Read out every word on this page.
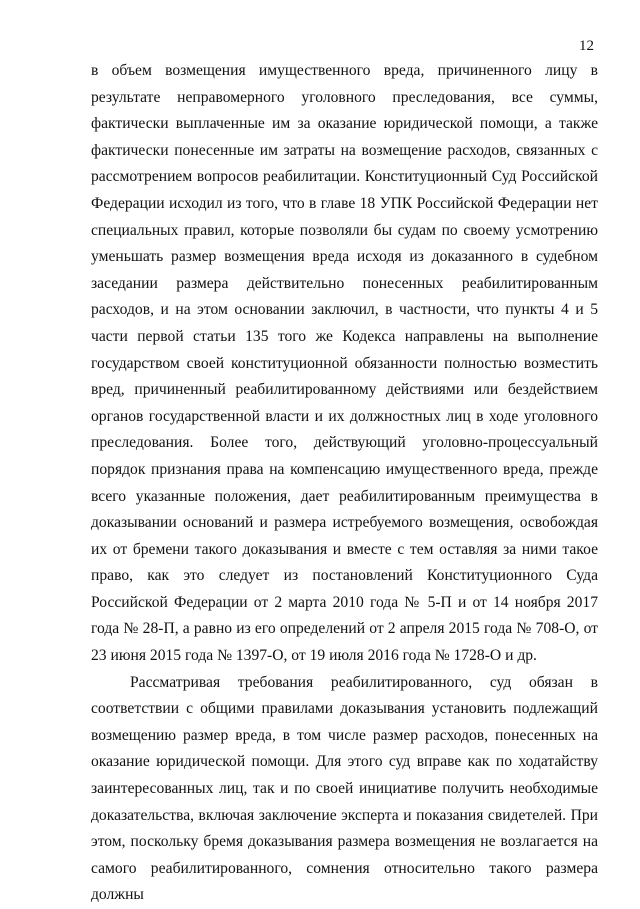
12

в объем возмещения имущественного вреда, причиненного лицу в результате неправомерного уголовного преследования, все суммы, фактически выплаченные им за оказание юридической помощи, а также фактически понесенные им затраты на возмещение расходов, связанных с рассмотрением вопросов реабилитации. Конституционный Суд Российской Федерации исходил из того, что в главе 18 УПК Российской Федерации нет специальных правил, которые позволяли бы судам по своему усмотрению уменьшать размер возмещения вреда исходя из доказанного в судебном заседании размера действительно понесенных реабилитированным расходов, и на этом основании заключил, в частности, что пункты 4 и 5 части первой статьи 135 того же Кодекса направлены на выполнение государством своей конституционной обязанности полностью возместить вред, причиненный реабилитированному действиями или бездействием органов государственной власти и их должностных лиц в ходе уголовного преследования. Более того, действующий уголовно-процессуальный порядок признания права на компенсацию имущественного вреда, прежде всего указанные положения, дает реабилитированным преимущества в доказывании оснований и размера истребуемого возмещения, освобождая их от бремени такого доказывания и вместе с тем оставляя за ними такое право, как это следует из постановлений Конституционного Суда Российской Федерации от 2 марта 2010 года № 5-П и от 14 ноября 2017 года № 28-П, а равно из его определений от 2 апреля 2015 года № 708-О, от 23 июня 2015 года № 1397-О, от 19 июля 2016 года № 1728-О и др.

Рассматривая требования реабилитированного, суд обязан в соответствии с общими правилами доказывания установить подлежащий возмещению размер вреда, в том числе размер расходов, понесенных на оказание юридической помощи. Для этого суд вправе как по ходатайству заинтересованных лиц, так и по своей инициативе получить необходимые доказательства, включая заключение эксперта и показания свидетелей. При этом, поскольку бремя доказывания размера возмещения не возлагается на самого реабилитированного, сомнения относительно такого размера должны
